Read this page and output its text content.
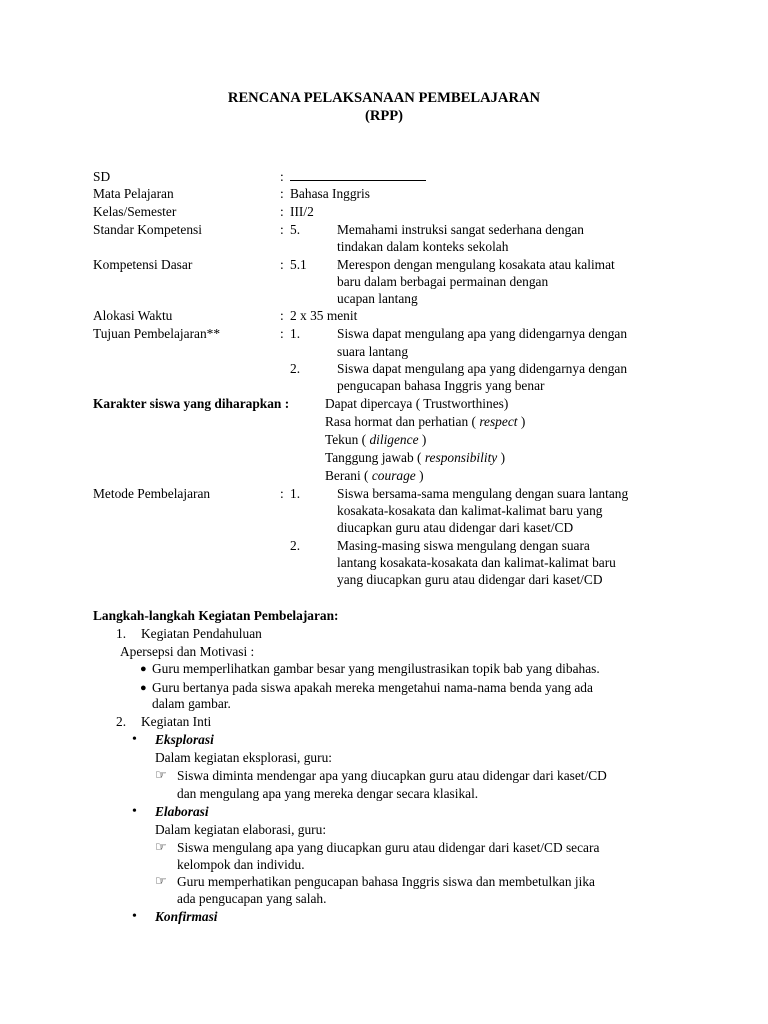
RENCANA PELAKSANAAN PEMBELAJARAN
(RPP)
SD	:
Mata Pelajaran	: Bahasa Inggris
Kelas/Semester	: III/2
Standar Kompetensi	: 5.	Memahami instruksi sangat sederhana dengan
tindakan dalam konteks sekolah
Kompetensi Dasar	: 5.1 Merespon dengan mengulang kosakata atau kalimat
baru dalam berbagai permainan dengan
ucapan lantang
Alokasi Waktu	: 2 x 35 menit
Tujuan Pembelajaran**	: 1.	Siswa dapat mengulang apa yang didengarnya dengan
suara lantang
2.	Siswa dapat mengulang apa yang didengarnya dengan
pengucapan bahasa Inggris yang benar
Karakter siswa yang diharapkan :	Dapat dipercaya ( Trustworthines)
Rasa hormat dan perhatian ( respect )
Tekun ( diligence )
Tanggung jawab ( responsibility )
Berani ( courage )
Metode Pembelajaran	: 1.	Siswa bersama-sama mengulang dengan suara lantang
kosakata-kosakata dan kalimat-kalimat baru yang
diucapkan guru atau didengar dari kaset/CD
2.	Masing-masing siswa mengulang dengan suara
lantang kosakata-kosakata dan kalimat-kalimat baru
yang diucapkan guru atau didengar dari kaset/CD
Langkah-langkah Kegiatan Pembelajaran:
1. Kegiatan Pendahuluan
Apersepsi dan Motivasi :
● Guru memperlihatkan gambar besar yang mengilustrasikan topik bab yang dibahas.
● Guru bertanya pada siswa apakah mereka mengetahui nama-nama benda yang ada
dalam gambar.
2. Kegiatan Inti
• Eksplorasi
Dalam kegiatan eksplorasi, guru:
☞ Siswa diminta mendengar apa yang diucapkan guru atau didengar dari kaset/CD
dan mengulang apa yang mereka dengar secara klasikal.
• Elaborasi
Dalam kegiatan elaborasi, guru:
☞ Siswa mengulang apa yang diucapkan guru atau didengar dari kaset/CD secara
kelompok dan individu.
☞ Guru memperhatikan pengucapan bahasa Inggris siswa dan membetulkan jika
ada pengucapan yang salah.
• Konfirmasi
